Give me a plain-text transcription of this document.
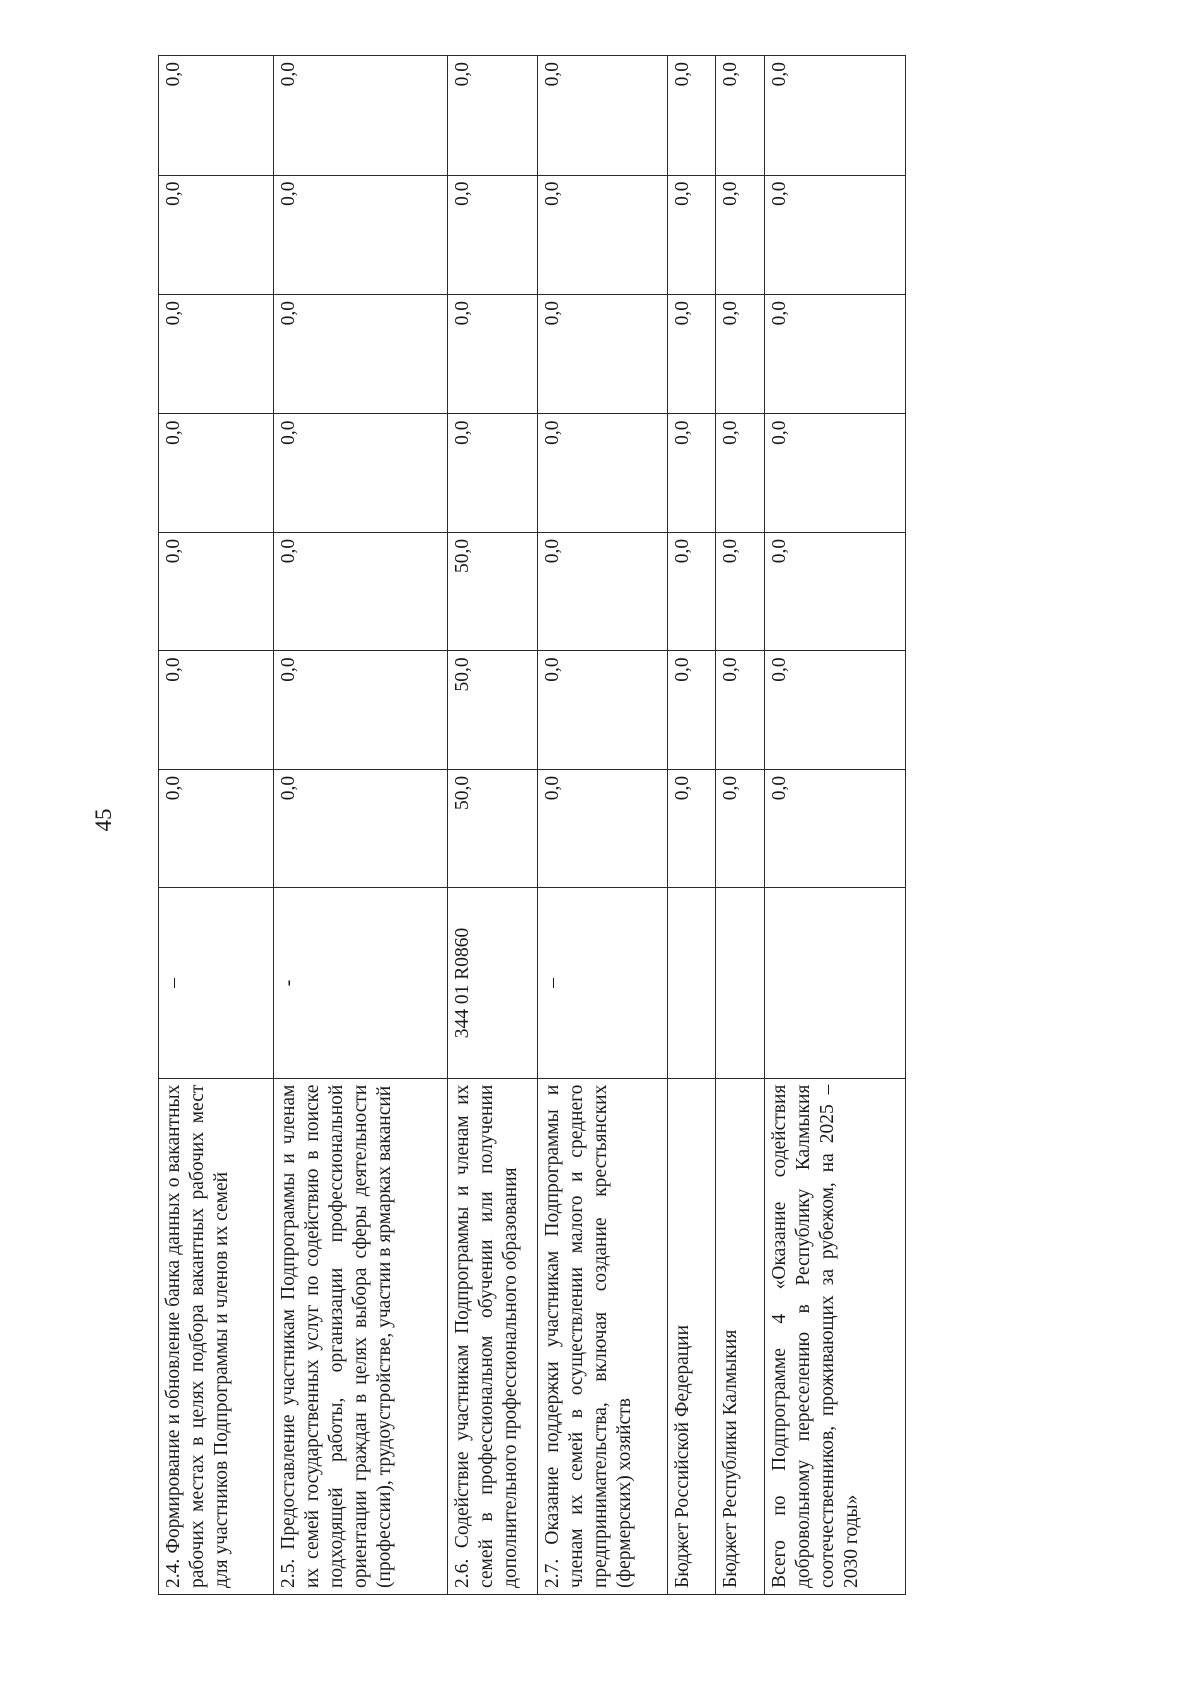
45
2.4. Формирование и обновление банка данных о вакантных рабочих местах в целях подбора вакантных рабочих мест для участников Подпрограммы и членов их семей	–	0,0	0,0	0,0	0,0	0,0	0,0	0,0
2.5. Предоставление участникам Подпрограммы и членам их семей государственных услуг по содействию в поиске подходящей работы, организации профессиональной ориентации граждан в целях выбора сферы деятельности (профессии), трудоустройстве, участии в ярмарках вакансий	-	0,0	0,0	0,0	0,0	0,0	0,0	0,0
2.6. Содействие участникам Подпрограммы и членам их семей в профессиональном обучении или получении дополнительного профессионального образования	344 01 R0860	50,0	50,0	50,0	0,0	0,0	0,0	0,0
2.7. Оказание поддержки участникам Подпрограммы и членам их семей в осуществлении малого и среднего предпринимательства, включая создание крестьянских (фермерских) хозяйств	–	0,0	0,0	0,0	0,0	0,0	0,0	0,0
Бюджет Российской Федерации		0,0	0,0	0,0	0,0	0,0	0,0	0,0
Бюджет Республики Калмыкия		0,0	0,0	0,0	0,0	0,0	0,0	0,0
Всего по Подпрограмме 4 «Оказание содействия добровольному переселению в Республику Калмыкия соотечественников, проживающих за рубежом, на 2025 – 2030 годы»		0,0	0,0	0,0	0,0	0,0	0,0	0,0
